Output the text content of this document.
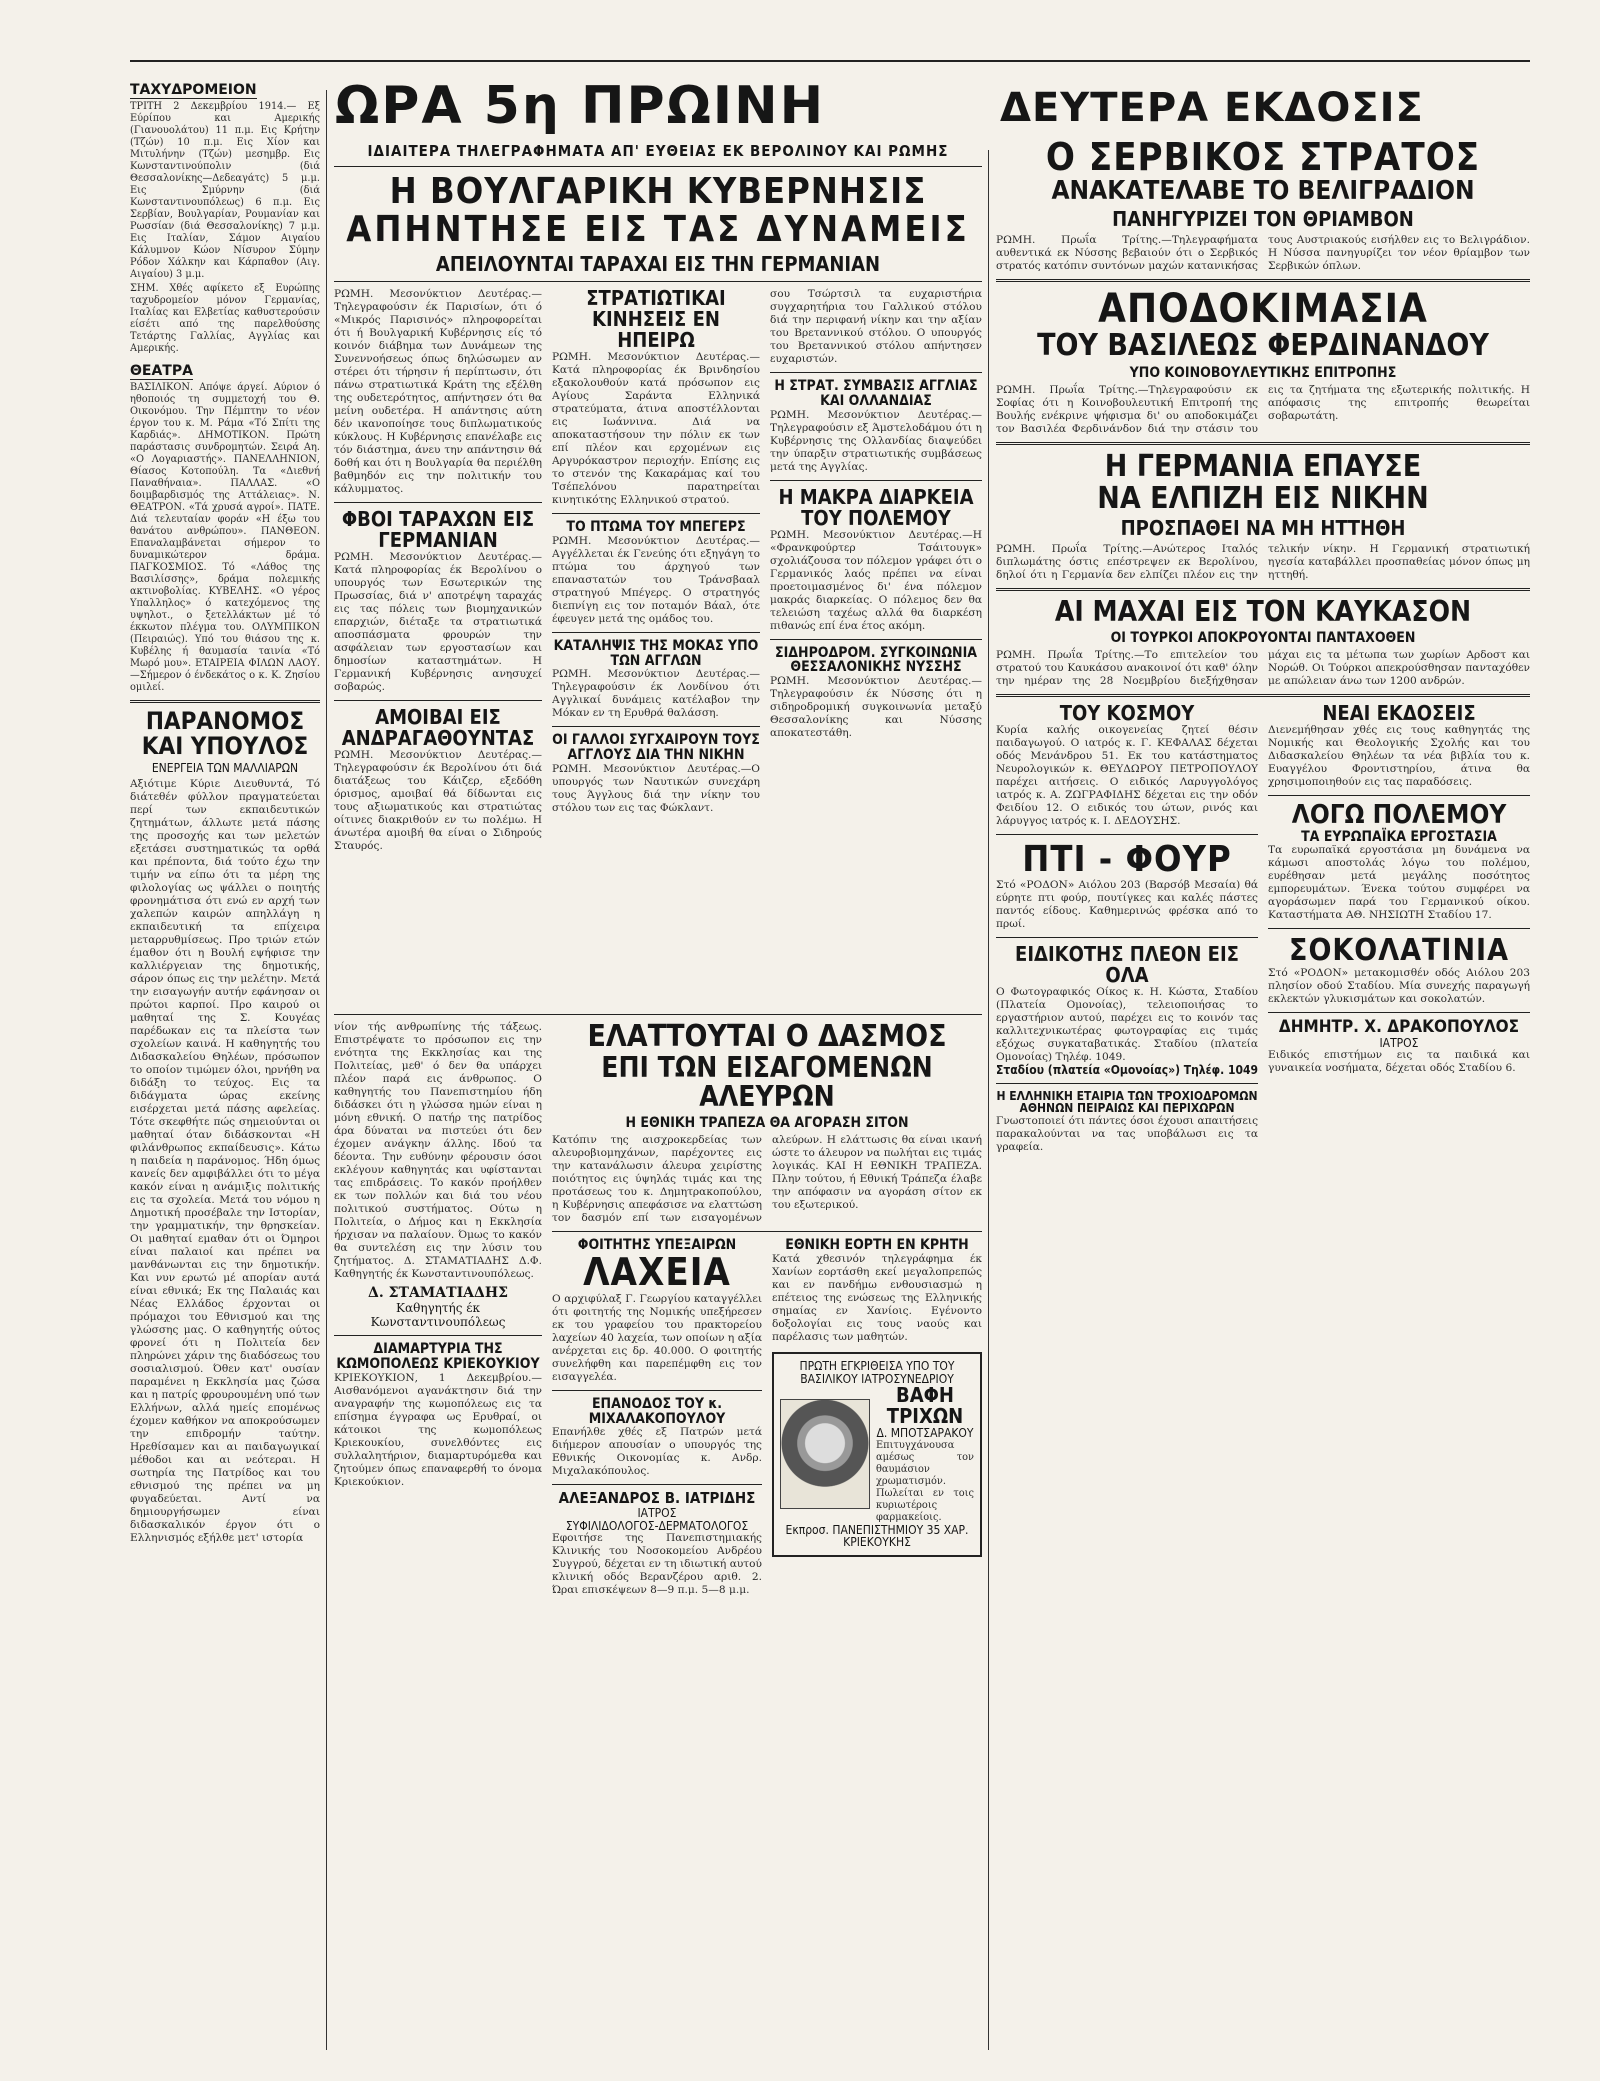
ΩΡΑ 5η ΠΡΩΙΝΗ	ΔΕΥΤΕΡΑ ΕΚΔΟΣΙΣ
ΤΑΧΥΔΡΟΜΕΙΟΝ
ΤΡΙΤΗ 2 Δεκεμβρίου 1914.— Εξ Εύρίπου και Αμερικής (Γιανουολάτου) 11 π.μ. Εις Κρήτην (Τζών) 10 π.μ. Εις Χίον και Μιτυλήνην (Τζών) μεσημβρ. Εις Κωνσταντινούπολιν (διά Θεσσαλονίκης—Δεδεαγάτς) 5 μ.μ. Εις Σμύρνην (διά Κωνσταντινουπόλεως) 6 π.μ. Εις Σερβίαν, Βουλγαρίαν, Ρουμανίαν και Ρωσσίαν (διά Θεσσαλονίκης) 7 μ.μ. Εις Ιταλίαν, Σάμον Αιγαίου Κάλυμνον Κώον Νίσυρον Σύμην Ρόδον Χάλκην και Κάρπαθον (Αιγ. Αιγαίου) 3 μ.μ.
ΣΗΜ. Χθές αφίκετο εξ Ευρώπης ταχυδρομείον μόνον Γερμανίας, Ιταλίας και Ελβετίας καθυστερούσιν είσέτι από της παρελθούσης Τετάρτης Γαλλίας, Αγγλίας και Αμερικής.
ΘΕΑΤΡΑ
ΒΑΣΙΛΙΚΟΝ. Απόψε άργεί. Αύριον ό ηθοποιός τη συμμετοχή του Θ. Οικονόμου. Την Πέμπτην το νέον έργον του κ. Μ. Ράμα «Τό Σπίτι της Καρδιάς». ΔΗΜΟΤΙΚΟΝ. Πρώτη παράστασις συνδρομητών. Σειρά Αη. «Ο Λογαριαστής». ΠΑΝΕΛΛΗΝΙΟΝ, Θίασος Κοτοπούλη. Τα «Διεθνή Παναθήναια». ΠΑΛΛΑΣ. «Ο δοιμβαρδισμός της Αττάλειας». Ν. ΘΕΑΤΡΟΝ. «Τά χρυσά αγροί». ΠΑΤΕ. Διά τελευταίαν φοράν «Η έξω του θανάτου ανθρώπου». ΠΑΝΘΕΟΝ. Επαναλαμβάνεται σήμερον το δυναμικώτερον δράμα. ΠΑΓΚΟΣΜΙΟΣ. Τό «Λάθος της Βασιλίσσης», δράμα πολεμικής ακτινοβολίας. ΚΥΒΕΛΗΣ. «Ο γέρος Υπαλληλος» ό κατεχόμενος της υψηλοτ., ο ξετελλάκτων μέ τό έκκωτον πλέγμα του. ΟΛΥΜΠΙΚΟΝ (Πειραιώς). Υπό του θιάσου της κ. Κυβέλης ή θαυμασία ταινία «Τό Μωρό μου». ΕΤΑΙΡΕΙΑ ΦΙΛΩΝ ΛΑΟΥ.—Σήμερον ό ένδεκάτος ο κ. Κ. Ζησίου ομιλεί.
ΠΑΡΑΝΟΜΟΣ ΚΑΙ ΥΠΟΥΛΟΣ
ΕΝΕΡΓΕΙΑ ΤΩΝ ΜΑΛΛΙΑΡΩΝ
Αξιότιμε Κύριε Διευθυντά, Τό διάτεθέν φύλλον πραγματεύεται περί των εκπαιδευτικών ζητημάτων, άλλωτε μετά πάσης της προσοχής και των μελετών εξετάσει συστηματικώς τα ορθά και πρέποντα, διά τούτο έχω την τιμήν να είπω ότι τα μέρη της φιλολογίας ως ψάλλει ο ποιητής φρονημάτισα ότι ενώ εν αρχή των χαλεπών καιρών απηλλάγη η εκπαιδευτική τα επίχειρα μεταρρυθμίσεως. Προ τριών ετών έμαθον ότι η Βουλή εψήφισε την καλλιέργειαν της δημοτικής, σάρον όπως εις την μελέτην. Μετά την εισαγωγήν αυτήν εφάνησαν οι πρώτοι καρποί. Προ καιρού οι μαθηταί της Σ. Κουγέας παρέδωκαν εις τα πλείστα των σχολείων καινά. Η καθηγητής του Διδασκαλείου Θηλέων, πρόσωπον το οποίον τιμώμεν όλοι, ηρνήθη να διδάξη το τεύχος. Εις τα διδάγματα ώρας εκείνης εισέρχεται μετά πάσης αφελείας. Τότε σκεφθήτε πώς σημειούνται οι μαθηταί όταν διδάσκονται «Η φιλάνθρωπος εκπαίδευσις». Κάτω η παιδεία η παράνομος. Ήδη όμως κανείς δεν αμφιβάλλει ότι το μέγα κακόν είναι η ανάμιξις πολιτικής εις τα σχολεία. Μετά του νόμου η Δημοτική προσέβαλε την Ιστορίαν, την γραμματικήν, την θρησκείαν. Οι μαθηταί εμαθαν ότι οι Όμηροι είναι παλαιοί και πρέπει να μανθάνωνται εις την δημοτικήν. Και νυν ερωτώ μέ απορίαν αυτά είναι εθνικά; Εκ της Παλαιάς και Νέας Ελλάδος έρχονται οι πρόμαχοι του Εθνισμού και της γλώσσης μας. Ο καθηγητής ούτος φρονεί ότι η Πολιτεία δεν πληρώνει χάριν της διαδόσεως του σοσιαλισμού. Όθεν κατ' ουσίαν παραμένει η Εκκλησία μας ζώσα και η πατρίς φρουρουμένη υπό των Ελλήνων, αλλά ημείς επομένως έχομεν καθήκον να αποκρούσωμεν την επιδρομήν ταύτην. Ηρεθίσαμεν και αι παιδαγωγικαί μέθοδοι και αι νεότεραι. Η σωτηρία της Πατρίδος και του εθνισμού της πρέπει να μη φυγαδεύεται. Αντί να δημιουργήσωμεν είναι διδασκαλικόν έργον ότι ο Ελληνισμός εξήλθε μετ' ιστορία
ΙΔΙΑΙΤΕΡΑ ΤΗΛΕΓΡΑΦΗΜΑΤΑ ΑΠ' ΕΥΘΕΙΑΣ ΕΚ ΒΕΡΟΛΙΝΟΥ ΚΑΙ ΡΩΜΗΣ
Η ΒΟΥΛΓΑΡΙΚΗ ΚΥΒΕΡΝΗΣΙΣ
ΑΠΗΝΤΗΣΕ ΕΙΣ ΤΑΣ ΔΥΝΑΜΕΙΣ
ΑΠΕΙΛΟΥΝΤΑΙ ΤΑΡΑΧΑΙ ΕΙΣ ΤΗΝ ΓΕΡΜΑΝΙΑΝ
ΡΩΜΗ. Μεσονύκτιον Δευτέρας.—Τηλεγραφούσιν έκ Παρισίων, ότι ό «Μικρός Παρισινός» πληροφορείται ότι ή Βουλγαρική Κυβέρνησις είς τό κοινόν διάβημα των Δυνάμεων της Συνεννοήσεως όπως δηλώσωμεν αν στέρει ότι τήρησιν ή περίπτωσιν, ότι πάνω στρατιωτικά Κράτη της εξέλθη της ουδετερότητος, απήντησεν ότι θα μείνη ουδετέρα. Η απάντησις αύτη δέν ικανοποίησε τους διπλωματικούς κύκλους. Η Κυβέρνησις επανέλαβε εις τόν διάστημα, άνευ την απάντησιν θά δοθή και ότι η Βουλγαρία θα περιέλθη βαθμηδόν εις την πολιτικήν του κάλυμματος.
ΦΒΟΙ ΤΑΡΑΧΩΝ ΕΙΣ ΓΕΡΜΑΝΙΑΝ
ΡΩΜΗ. Μεσονύκτιον Δευτέρας.—Κατά πληροφορίας έκ Βερολίνου ο υπουργός των Εσωτερικών της Πρωσσίας, διά ν' αποτρέψη ταραχάς εις τας πόλεις των βιομηχανικών επαρχιών, διέταξε τα στρατιωτικά αποσπάσματα φρουρών την ασφάλειαν των εργοστασίων και δημοσίων καταστημάτων. Η Γερμανική Κυβέρνησις ανησυχεί σοβαρώς.
ΑΜΟΙΒΑΙ ΕΙΣ ΑΝΔΡΑΓΑΘΟΥΝΤΑΣ
ΡΩΜΗ. Μεσονύκτιον Δευτέρας.—Τηλεγραφούσιν έκ Βερολίνου ότι διά διατάξεως του Κάιζερ, εξεδόθη όρισμος, αμοιβαί θά δίδωνται εις τους αξιωματικούς και στρατιώτας οίτινες διακριθούν εν τω πολέμω. Η άνωτέρα αμοιβή θα είναι ο Σιδηρούς Σταυρός.
ΣΤΡΑΤΙΩΤΙΚΑΙ ΚΙΝΗΣΕΙΣ ΕΝ ΗΠΕΙΡΩ
ΡΩΜΗ. Μεσονύκτιον Δευτέρας.—Κατά πληροφορίας έκ Βρινδησίου εξακολουθούν κατά πρόσωπον εις Αγίους Σαράντα Ελληνικά στρατεύματα, άτινα αποστέλλονται εις Ιωάννινα. Διά να αποκαταστήσουν την πόλιν εκ των επί πλέον και ερχομένων εις Αργυρόκαστρον περιοχήν. Επίσης εις το στενόν της Κακαράμας καί του Τσέπελόνου παρατηρείται κινητικότης Ελληνικού στρατού.
ΤΟ ΠΤΩΜΑ ΤΟΥ ΜΠΕΓΕΡΣ
ΡΩΜΗ. Μεσονύκτιον Δευτέρας.—Αγγέλλεται έκ Γενεύης ότι εξηγάγη το πτώμα του άρχηγού των επαναστατών του Τράνσβααλ στρατηγού Μπέγερς. Ο στρατηγός διεπνίγη εις τον ποταμόν Βάαλ, ότε έφευγεν μετά της ομάδος του.
ΚΑΤΑΛΗΨΙΣ ΤΗΣ ΜΟΚΑΣ ΥΠΟ ΤΩΝ ΑΓΓΛΩΝ
ΡΩΜΗ. Μεσονύκτιον Δευτέρας.—Τηλεγραφούσιν έκ Λονδίνου ότι Αγγλικαί δυνάμεις κατέλαβον την Μόκαν εν τη Ερυθρά θαλάσση.
ΟΙ ΓΑΛΛΟΙ ΣΥΓΧΑΙΡΟΥΝ ΤΟΥΣ ΑΓΓΛΟΥΣ ΔΙΑ ΤΗΝ ΝΙΚΗΝ
ΡΩΜΗ. Μεσονύκτιον Δευτέρας.—Ο υπουργός των Ναυτικών συνεχάρη τους Άγγλους διά την νίκην του στόλου των εις τας Φώκλαντ.
σου Τσώρτσιλ τα ευχαριστήρια συγχαρητήρια του Γαλλικού στόλου διά την περιφανή νίκην και την αξίαν του Βρεταννικού στόλου. Ο υπουργός του Βρεταννικού στόλου απήντησεν ευχαριστών.
Η ΣΤΡΑΤ. ΣΥΜΒΑΣΙΣ ΑΓΓΛΙΑΣ ΚΑΙ ΟΛΛΑΝΔΙΑΣ
ΡΩΜΗ. Μεσονύκτιον Δευτέρας.—Τηλεγραφούσιν εξ Άμστελοδάμου ότι η Κυβέρνησις της Ολλανδίας διαψεύδει την ύπαρξιν στρατιωτικής συμβάσεως μετά της Αγγλίας.
Η ΜΑΚΡΑ ΔΙΑΡΚΕΙΑ ΤΟΥ ΠΟΛΕΜΟΥ
ΡΩΜΗ. Μεσονύκτιον Δευτέρας.—Η «Φρανκφούρτερ Τσάιτουγκ» σχολιάζουσα τον πόλεμον γράφει ότι ο Γερμανικός λαός πρέπει να είναι προετοιμασμένος δι' ένα πόλεμον μακράς διαρκείας. Ο πόλεμος δεν θα τελειώση ταχέως αλλά θα διαρκέση πιθανώς επί ένα έτος ακόμη.
ΣΙΔΗΡΟΔΡΟΜ. ΣΥΓΚΟΙΝΩΝΙΑ ΘΕΣΣΑΛΟΝΙΚΗΣ ΝΥΣΣΗΣ
ΡΩΜΗ. Μεσονύκτιον Δευτέρας.—Τηλεγραφούσιν έκ Νύσσης ότι η σιδηροδρομική συγκοινωνία μεταξύ Θεσσαλονίκης και Νύσσης αποκατεστάθη.
νίον τής ανθρωπίνης τής τάξεως. Επιστρέψατε το πρόσωπον εις την ενότητα της Εκκλησίας και της Πολιτείας, μεθ' ό δεν θα υπάρχει πλέον παρά εις άνθρωπος. Ο καθηγητής του Πανεπιστημίου ήδη διδάσκει ότι η γλώσσα ημών είναι η μόνη εθνική. Ο πατήρ της πατρίδος άρα δύναται να πιστεύει ότι δεν έχομεν ανάγκην άλλης. Ιδού τα δέοντα. Την ευθύνην φέρουσιν όσοι εκλέγουν καθηγητάς και υφίστανται τας επιδράσεις. Το κακόν προήλθεν εκ των πολλών και διά του νέου πολιτικού συστήματος. Ούτω η Πολιτεία, ο Δήμος και η Εκκλησία ήρχισαν να παλαίουν. Όμως το κακόν θα συντελέση εις την λύσιν του ζητήματος. Δ. ΣΤΑΜΑΤΙΑΔΗΣ Δ.Φ. Καθηγητής έκ Κωνσταντινουπόλεως.
Δ. ΣΤΑΜΑΤΙΑΔΗΣ
Καθηγητής έκ Κωνσταντινουπόλεως
ΔΙΑΜΑΡΤΥΡΙΑ ΤΗΣ ΚΩΜΟΠΟΛΕΩΣ ΚΡΙΕΚΟΥΚΙΟΥ
ΚΡΙΕΚΟΥΚΙΟΝ, 1 Δεκεμβρίου.—Αισθανόμενοι αγανάκτησιν διά την αναγραφήν της κωμοπόλεως εις τα επίσημα έγγραφα ως Ερυθραί, οι κάτοικοι της κωμοπόλεως Κριεκουκίου, συνελθόντες εις συλλαλητήριον, διαμαρτυρόμεθα και ζητούμεν όπως επαναφερθή το όνομα Κριεκούκιον.
ΕΛΑΤΤΟΥΤΑΙ Ο ΔΑΣΜΟΣ
ΕΠΙ ΤΩΝ ΕΙΣΑΓΟΜΕΝΩΝ ΑΛΕΥΡΩΝ
Η ΕΘΝΙΚΗ ΤΡΑΠΕΖΑ ΘΑ ΑΓΟΡΑΣΗ ΣΙΤΟΝ
Κατόπιν της αισχροκερδείας των αλευροβιομηχάνων, παρέχοντες εις την κατανάλωσιν άλευρα χειρίστης ποιότητος εις ύψηλάς τιμάς και της προτάσεως του κ. Δημητρακοπούλου, η Κυβέρνησις απεφάσισε να ελαττώση τον δασμόν επί των εισαγομένων αλεύρων. Η ελάττωσις θα είναι ικανή ώστε το άλευρον να πωλήται εις τιμάς λογικάς. ΚΑΙ Η ΕΘΝΙΚΗ ΤΡΑΠΕΖΑ. Πλην τούτου, ή Εθνική Τράπεζα έλαβε την απόφασιν να αγοράση σίτον εκ του εξωτερικού.
ΦΟΙΤΗΤΗΣ ΥΠΕΞΑΙΡΩΝ
ΛΑΧΕΙΑ
Ο αρχιφύλαξ Γ. Γεωργίου καταγγέλλει ότι φοιτητής της Νομικής υπεξήρεσεν εκ του γραφείου του πρακτορείου λαχείων 40 λαχεία, των οποίων η αξία ανέρχεται εις δρ. 40.000. Ο φοιτητής συνελήφθη και παρεπέμφθη εις τον εισαγγελέα.
ΕΠΑΝΟΔΟΣ ΤΟΥ κ. ΜΙΧΑΛΑΚΟΠΟΥΛΟΥ
Επανήλθε χθές εξ Πατρών μετά διήμερον απουσίαν ο υπουργός της Εθνικής Οικονομίας κ. Ανδρ. Μιχαλακόπουλος.
ΑΛΕΞΑΝΔΡΟΣ Β. ΙΑΤΡΙΔΗΣ
ΙΑΤΡΟΣ
ΣΥΦΙΛΙΔΟΛΟΓΟΣ-ΔΕΡΜΑΤΟΛΟΓΟΣ
Εφοιτήσε της Πανεπιστημιακής Κλινικής του Νοσοκομείου Ανδρέου Συγγρού, δέχεται εν τη ιδιωτική αυτού κλινική οδός Βερανζέρου αριθ. 2. Ώραι επισκέψεων 8—9 π.μ. 5—8 μ.μ.
ΕΘΝΙΚΗ ΕΟΡΤΗ ΕΝ ΚΡΗΤΗ
Κατά χθεσινόν τηλεγράφημα έκ Χανίων εορτάσθη εκεί μεγαλοπρεπώς και εν πανδήμω ενθουσιασμώ η επέτειος της ενώσεως της Ελληνικής σημαίας εν Χανίοις. Εγένοντο δοξολογίαι εις τους ναούς και παρέλασις των μαθητών.
ΠΡΩΤΗ ΕΓΚΡΙΘΕΙΣΑ ΥΠΟ ΤΟΥ ΒΑΣΙΛΙΚΟΥ ΙΑΤΡΟΣΥΝΕΔΡΙΟΥ
ΒΑΦΗ ΤΡΙΧΩΝ
Δ. ΜΠΟΤΣΑΡΑΚΟΥ
Επιτυγχάνουσα αμέσως τον θαυμάσιον χρωματισμόν. Πωλείται εν τοις κυριωτέροις φαρμακείοις.
Εκπροσ. ΠΑΝΕΠΙΣΤΗΜΙΟΥ 35 ΧΑΡ. ΚΡΙΕΚΟΥΚΗΣ
Ο ΣΕΡΒΙΚΟΣ ΣΤΡΑΤΟΣ
ΑΝΑΚΑΤΕΛΑΒΕ ΤΟ ΒΕΛΙΓΡΑΔΙΟΝ
ΠΑΝΗΓΥΡΙΖΕΙ ΤΟΝ ΘΡΙΑΜΒΟΝ
ΡΩΜΗ. Πρωΐα Τρίτης.—Τηλεγραφήματα αυθεντικά εκ Νύσσης βεβαιούν ότι ο Σερβικός στρατός κατόπιν συντόνων μαχών κατανικήσας τους Αυστριακούς εισήλθεν εις το Βελιγράδιον. Η Νύσσα πανηγυρίζει τον νέον θρίαμβον των Σερβικών όπλων.
ΑΠΟΔΟΚΙΜΑΣΙΑ
ΤΟΥ ΒΑΣΙΛΕΩΣ ΦΕΡΔΙΝΑΝΔΟΥ
ΥΠΟ ΚΟΙΝΟΒΟΥΛΕΥΤΙΚΗΣ ΕΠΙΤΡΟΠΗΣ
ΡΩΜΗ. Πρωΐα Τρίτης.—Τηλεγραφούσιν εκ Σοφίας ότι η Κοινοβουλευτική Επιτροπή της Βουλής ενέκρινε ψήφισμα δι' ου αποδοκιμάζει τον Βασιλέα Φερδινάνδον διά την στάσιν του εις τα ζητήματα της εξωτερικής πολιτικής. Η απόφασις της επιτροπής θεωρείται σοβαρωτάτη.
Η ΓΕΡΜΑΝΙΑ ΕΠΑΥΣΕ
ΝΑ ΕΛΠΙΖΗ ΕΙΣ ΝΙΚΗΝ
ΠΡΟΣΠΑΘΕΙ ΝΑ ΜΗ ΗΤΤΗΘΗ
ΡΩΜΗ. Πρωΐα Τρίτης.—Ανώτερος Ιταλός διπλωμάτης όστις επέστρεψεν εκ Βερολίνου, δηλοί ότι η Γερμανία δεν ελπίζει πλέον εις την τελικήν νίκην. Η Γερμανική στρατιωτική ηγεσία καταβάλλει προσπαθείας μόνον όπως μη ηττηθή.
ΑΙ ΜΑΧΑΙ ΕΙΣ ΤΟΝ ΚΑΥΚΑΣΟΝ
ΟΙ ΤΟΥΡΚΟΙ ΑΠΟΚΡΟΥΟΝΤΑΙ ΠΑΝΤΑΧΟΘΕΝ
ΡΩΜΗ. Πρωΐα Τρίτης.—Το επιτελείον του στρατού του Καυκάσου ανακοινοί ότι καθ' όλην την ημέραν της 28 Νοεμβρίου διεξήχθησαν μάχαι εις τα μέτωπα των χωρίων Αρδοστ και Νορώθ. Οι Τούρκοι απεκρούσθησαν πανταχόθεν με απώλειαν άνω των 1200 ανδρών.
ΤΟΥ ΚΟΣΜΟΥ
Κυρία καλής οικογενείας ζητεί θέσιν παιδαγωγού. Ο ιατρός κ. Γ. ΚΕΦΑΛΑΣ δέχεται οδός Μενάνδρου 51. Εκ του κατάστηματος Νευρολογικών κ. ΘΕΥΔΩΡΟΥ ΠΕΤΡΟΠΟΥΛΟΥ παρέχει αιτήσεις. Ο ειδικός Λαρυγγολόγος ιατρός κ. Α. ΖΩΓΡΑΦΙΔΗΣ δέχεται εις την οδόν Φειδίου 12. Ο ειδικός του ώτων, ρινός και λάρυγγος ιατρός κ. Ι. ΔΕΔΟΥΣΗΣ.
ΠΤΙ - ΦΟΥΡ
Στό «ΡΟΔΟΝ» Αιόλου 203 (Βαρσόβ Μεσαία) θά εύρητε πτι φούρ, πουτίγκες και καλές πάστες παντός είδους. Καθημερινώς φρέσκα από το πρωί.
ΕΙΔΙΚΟΤΗΣ ΠΛΕΟΝ ΕΙΣ ΟΛΑ
Ο Φωτογραφικός Οίκος κ. Η. Κώστα, Σταδίου (Πλατεία Ομονοίας), τελειοποιήσας το εργαστήριον αυτού, παρέχει εις το κοινόν τας καλλιτεχνικωτέρας φωτογραφίας εις τιμάς εξόχως συγκαταβατικάς. Σταδίου (πλατεία Ομονοίας) Τηλέφ. 1049.
Σταδίου (πλατεία «Ομονοίας») Τηλέφ. 1049
Η ΕΛΛΗΝΙΚΗ ΕΤΑΙΡΙΑ ΤΩΝ ΤΡΟΧΙΟΔΡΟΜΩΝ ΑΘΗΝΩΝ ΠΕΙΡΑΙΩΣ ΚΑΙ ΠΕΡΙΧΩΡΩΝ
Γνωστοποιεί ότι πάντες όσοι έχουσι απαιτήσεις παρακαλούνται να τας υποβάλωσι εις τα γραφεία.
ΝΕΑΙ ΕΚΔΟΣΕΙΣ
Διενεμήθησαν χθές εις τους καθηγητάς της Νομικής και Θεολογικής Σχολής και του Διδασκαλείου Θηλέων τα νέα βιβλία του κ. Ευαγγέλου Φροντιστηρίου, άτινα θα χρησιμοποιηθούν εις τας παραδόσεις.
ΛΟΓΩ ΠΟΛΕΜΟΥ
ΤΑ ΕΥΡΩΠΑΪΚΑ ΕΡΓΟΣΤΑΣΙΑ
Τα ευρωπαϊκά εργοστάσια μη δυνάμενα να κάμωσι αποστολάς λόγω του πολέμου, ευρέθησαν μετά μεγάλης ποσότητος εμπορευμάτων. Ένεκα τούτου συμφέρει να αγοράσωμεν παρά του Γερμανικού οίκου. Καταστήματα ΑΘ. ΝΗΣΙΩΤΗ Σταδίου 17.
ΣΟΚΟΛΑΤΙΝΙΑ
Στό «ΡΟΔΟΝ» μετακομισθέν οδός Αιόλου 203 πλησίον οδού Σταδίου. Μία συνεχής παραγωγή εκλεκτών γλυκισμάτων και σοκολατών.
ΔΗΜΗΤΡ. Χ. ΔΡΑΚΟΠΟΥΛΟΣ
ΙΑΤΡΟΣ
Ειδικός επιστήμων εις τα παιδικά και γυναικεία νοσήματα, δέχεται οδός Σταδίου 6.
